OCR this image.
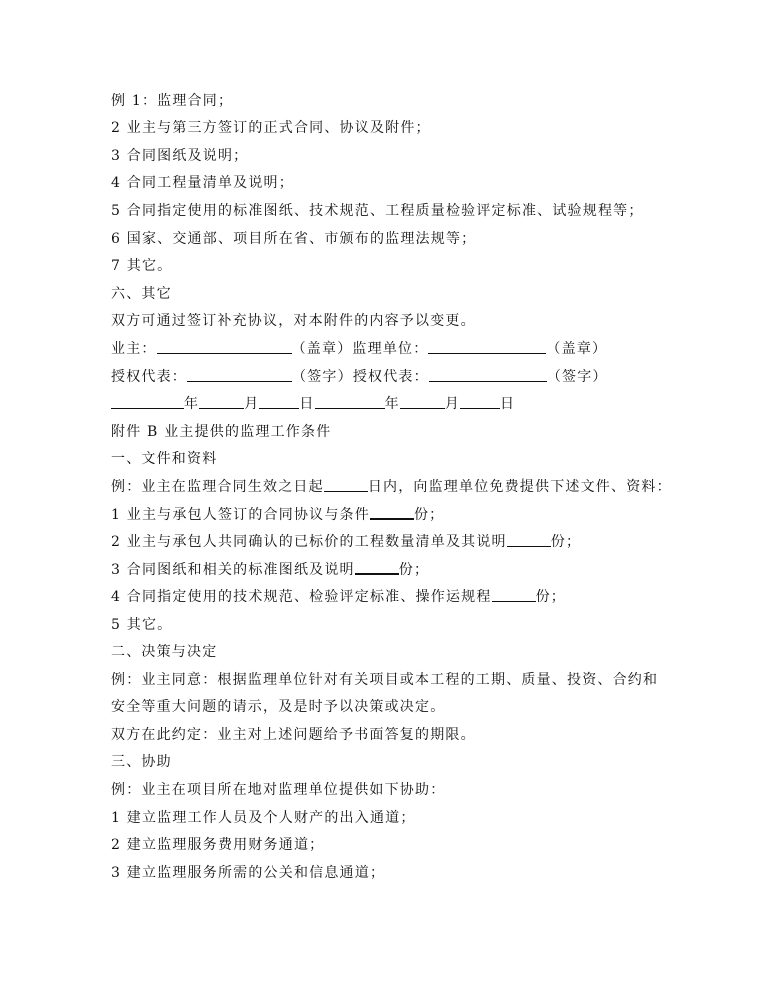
例 1：监理合同；
2 业主与第三方签订的正式合同、协议及附件；
3 合同图纸及说明；
4 合同工程量清单及说明；
5 合同指定使用的标准图纸、技术规范、工程质量检验评定标准、试验规程等；
6 国家、交通部、项目所在省、市颁布的监理法规等；
7 其它。
六、其它
双方可通过签订补充协议，对本附件的内容予以变更。
业主：	（盖章）监理单位：	（盖章）
授权代表：	（签字）授权代表：	（签字）
年	月	日	年	月	日
附件 B 业主提供的监理工作条件
一、文件和资料
例：业主在监理合同生效之日起	日内，向监理单位免费提供下述文件、资料：
1 业主与承包人签订的合同协议与条件	份；
2 业主与承包人共同确认的已标价的工程数量清单及其说明	份；
3 合同图纸和相关的标准图纸及说明	份；
4 合同指定使用的技术规范、检验评定标准、操作运规程	份；
5 其它。
二、决策与决定
例：业主同意：根据监理单位针对有关项目或本工程的工期、质量、投资、合约和
安全等重大问题的请示，及是时予以决策或决定。
双方在此约定：业主对上述问题给予书面答复的期限。
三、协助
例：业主在项目所在地对监理单位提供如下协助：
1 建立监理工作人员及个人财产的出入通道；
2 建立监理服务费用财务通道；
3 建立监理服务所需的公关和信息通道；
